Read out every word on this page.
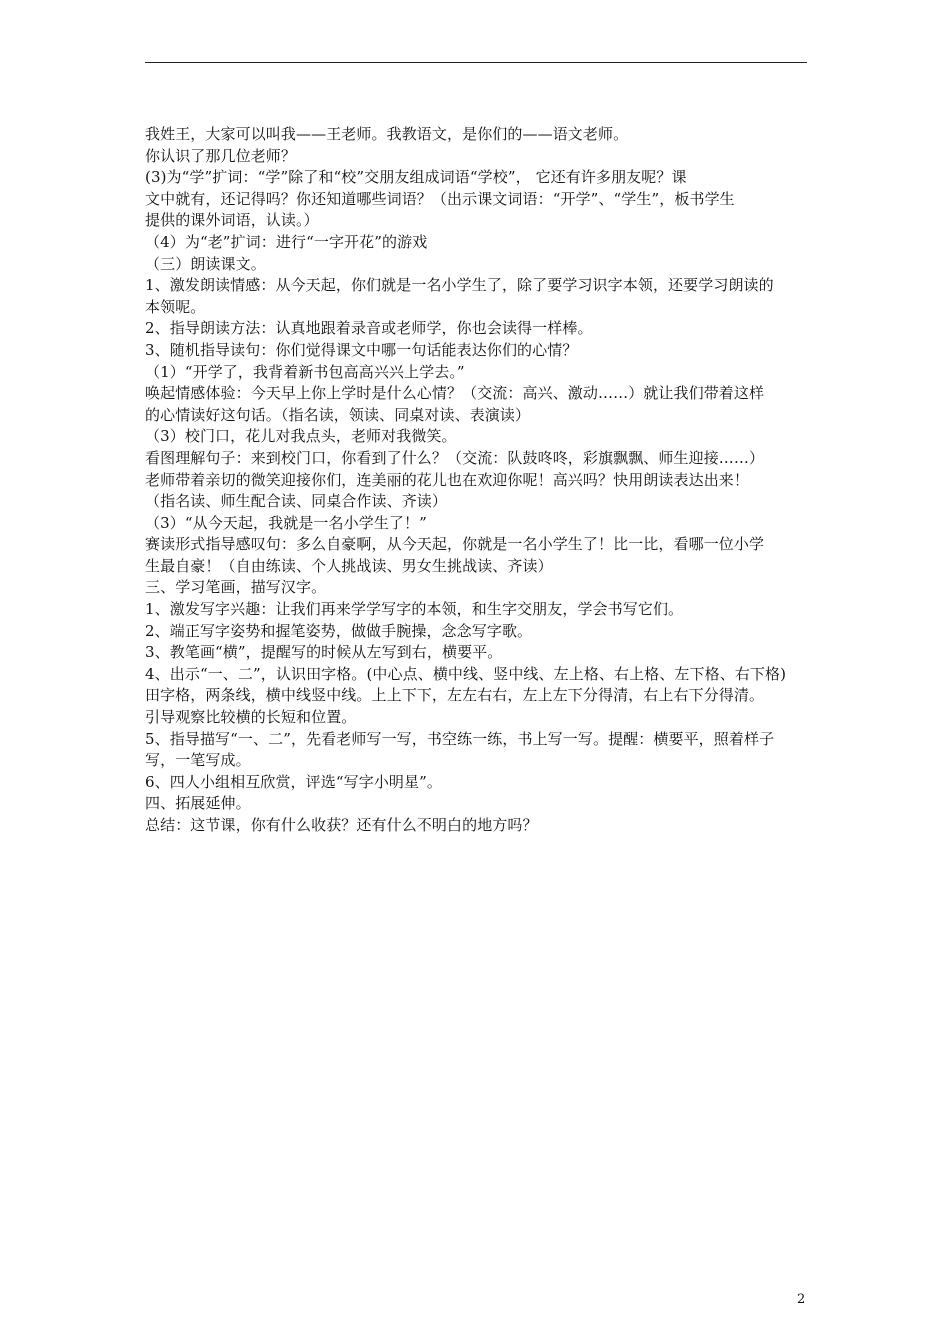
我姓王，大家可以叫我——王老师。我教语文，是你们的——语文老师。
你认识了那几位老师？
(3)为“学”扩词：“学”除了和“校”交朋友组成词语“学校”， 它还有许多朋友呢？课
文中就有，还记得吗？你还知道哪些词语？（出示课文词语：“开学”、“学生”，板书学生
提供的课外词语，认读。）
（4）为“老”扩词：进行“一字开花”的游戏
（三）朗读课文。
1、激发朗读情感：从今天起，你们就是一名小学生了，除了要学习识字本领，还要学习朗读的
本领呢。
2、指导朗读方法：认真地跟着录音或老师学，你也会读得一样棒。
3、随机指导读句：你们觉得课文中哪一句话能表达你们的心情？
（1）“开学了，我背着新书包高高兴兴上学去。”
唤起情感体验：今天早上你上学时是什么心情？（交流：高兴、激动……）就让我们带着这样
的心情读好这句话。（指名读，领读、同桌对读、表演读）
（3）校门口，花儿对我点头，老师对我微笑。
看图理解句子：来到校门口，你看到了什么？（交流：队鼓咚咚，彩旗飘飘、师生迎接……）
老师带着亲切的微笑迎接你们，连美丽的花儿也在欢迎你呢！高兴吗？快用朗读表达出来！
（指名读、师生配合读、同桌合作读、齐读）
（3）“从今天起，我就是一名小学生了！”
赛读形式指导感叹句：多么自豪啊，从今天起，你就是一名小学生了！比一比，看哪一位小学
生最自豪！（自由练读、个人挑战读、男女生挑战读、齐读）
三、学习笔画，描写汉字。
1、激发写字兴趣：让我们再来学学写字的本领，和生字交朋友，学会书写它们。
2、端正写字姿势和握笔姿势，做做手腕操，念念写字歌。
3、教笔画“横”，提醒写的时候从左写到右，横要平。
4、出示“一、二”，认识田字格。(中心点、横中线、竖中线、左上格、右上格、左下格、右下格)
田字格，两条线，横中线竖中线。上上下下，左左右右，左上左下分得清，右上右下分得清。
引导观察比较横的长短和位置。
5、指导描写“一、二”，先看老师写一写，书空练一练，书上写一写。提醒：横要平，照着样子
写，一笔写成。
6、四人小组相互欣赏，评选“写字小明星”。
四、拓展延伸。
总结：这节课，你有什么收获？还有什么不明白的地方吗？
2
